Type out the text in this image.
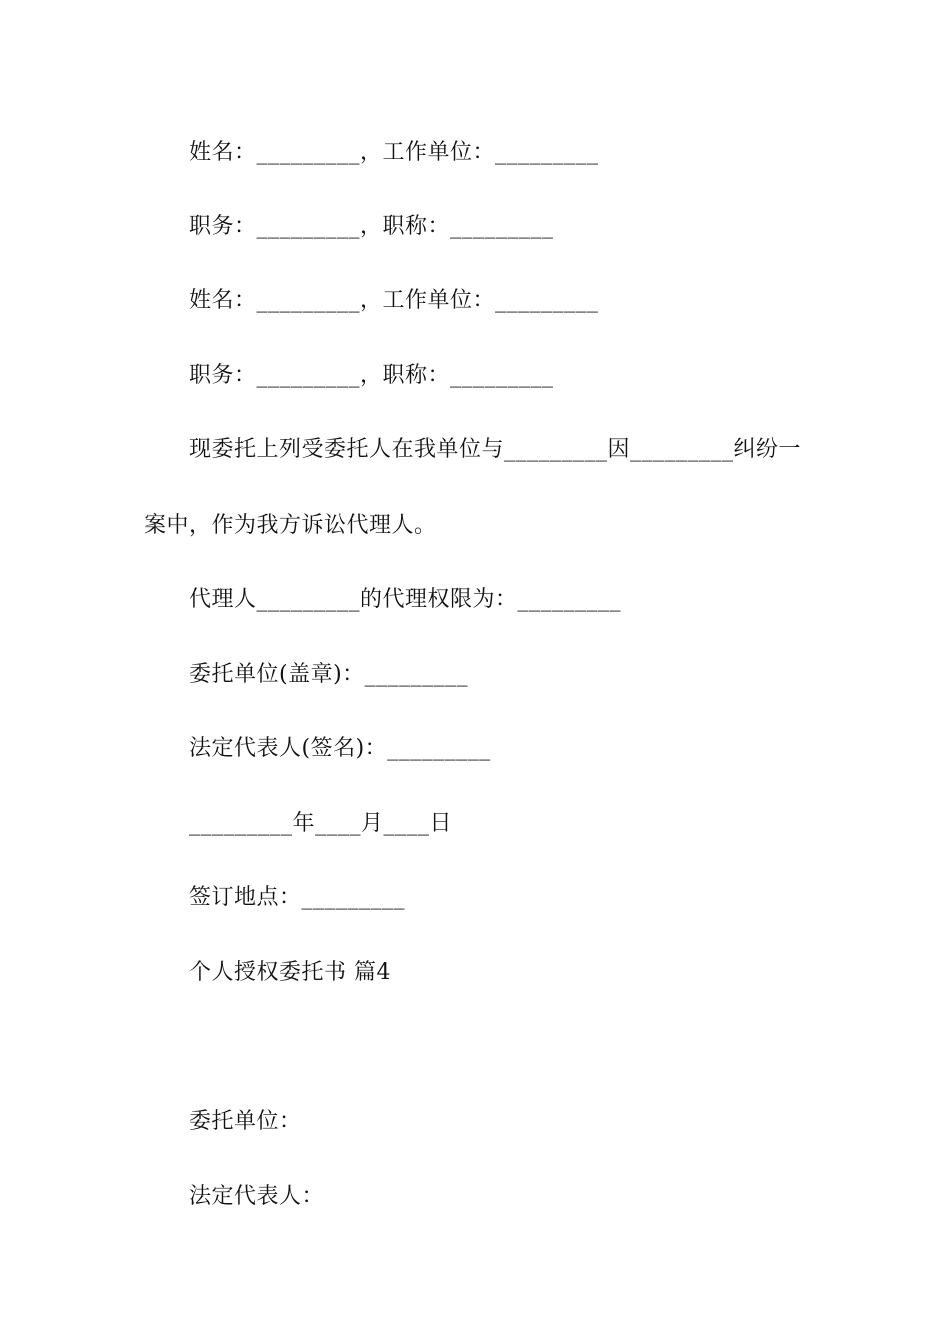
姓名：_________，工作单位：_________
职务：_________，职称：_________
姓名：_________，工作单位：_________
职务：_________，职称：_________
现委托上列受委托人在我单位与_________因_________纠纷一
案中，作为我方诉讼代理人。
代理人_________的代理权限为：_________
委托单位(盖章)：_________
法定代表人(签名)：_________
_________年____月____日
签订地点：_________
个人授权委托书 篇4
委托单位：
法定代表人：
